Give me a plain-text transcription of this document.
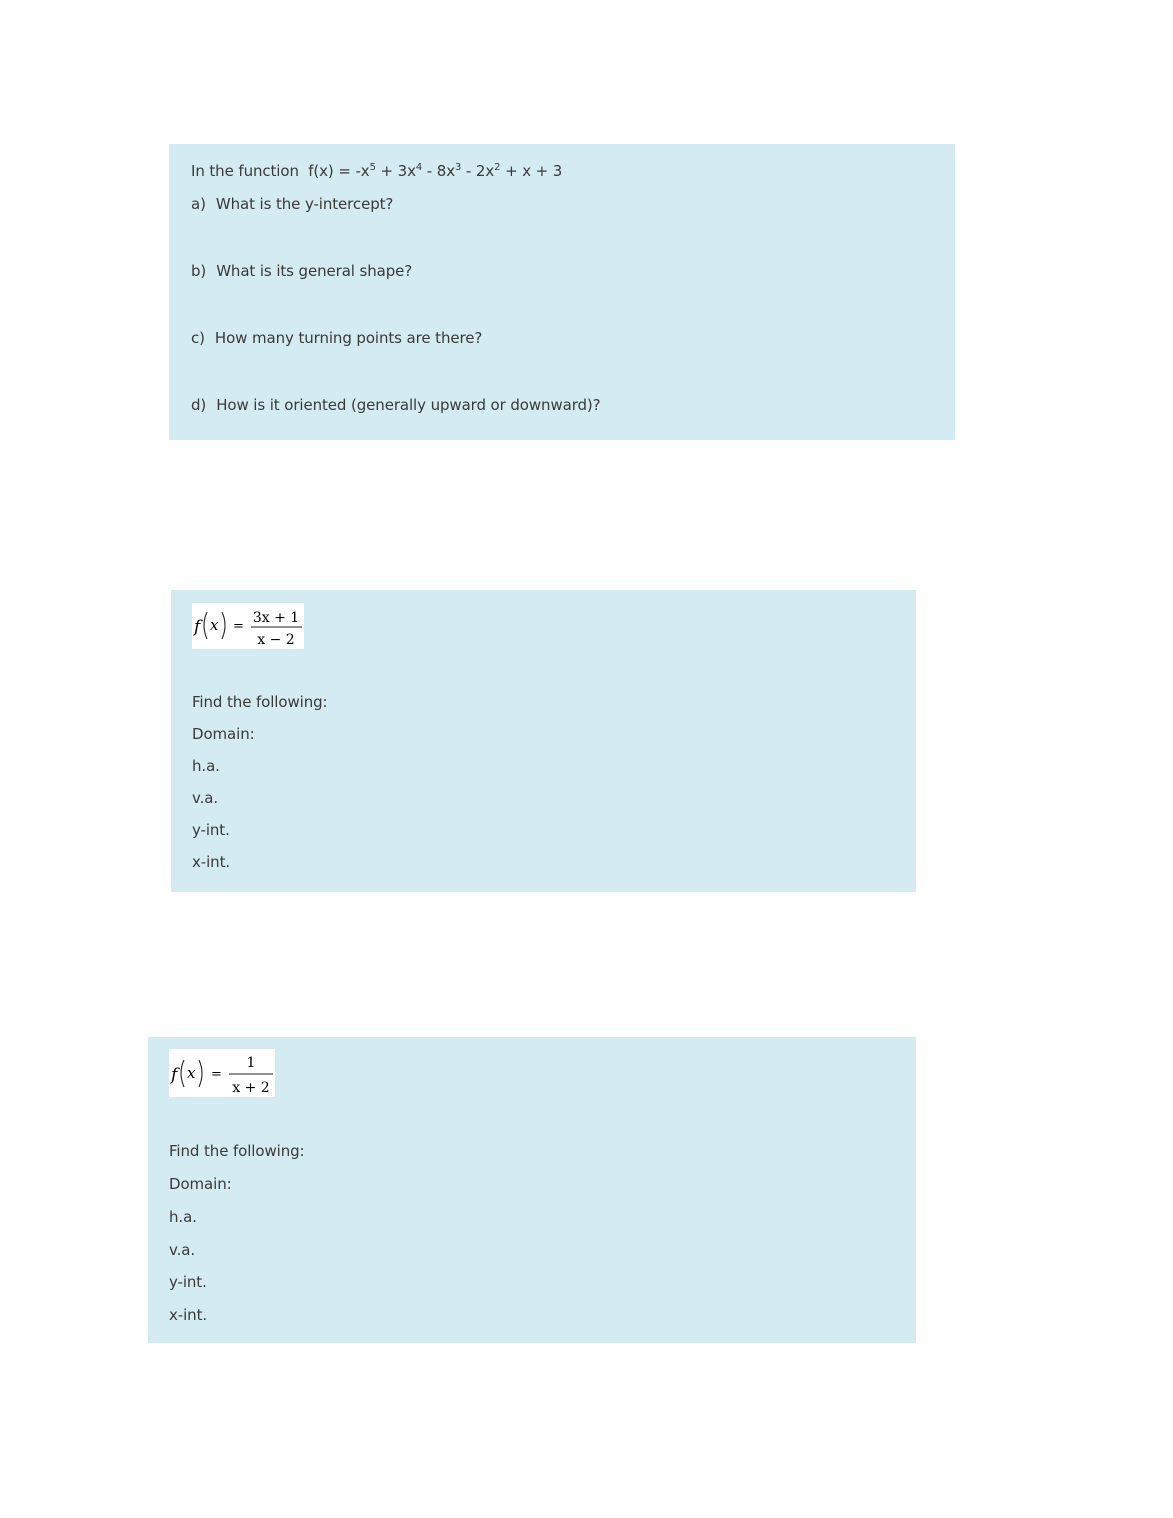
In the function $f(x) = -x^5 + 3x^4 - 8x^3 - 2x^2 + x + 3$

a) What is the y-intercept?

b) What is its general shape?

c) How many turning points are there?

d) How is it oriented (generally upward or downward)?

f x =
3x + 1
x − 2

Find the following:

Domain:

h.a.

v.a.

y-int.

x-int.

f x =
1
x + 2

Find the following:

Domain:

h.a.

v.a.

y-int.

x-int.
